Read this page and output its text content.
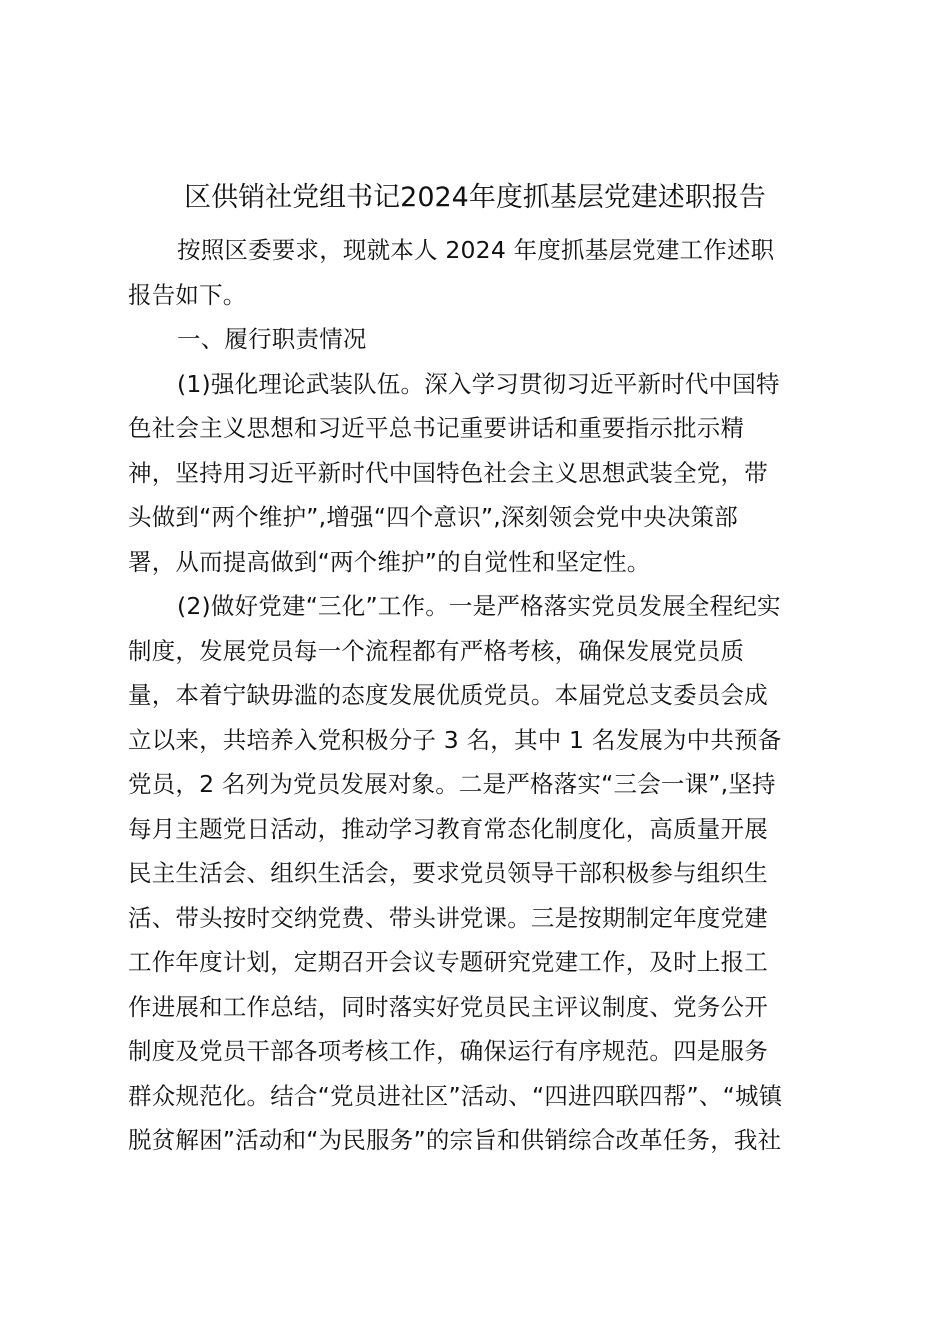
区供销社党组书记2024年度抓基层党建述职报告
按照区委要求，现就本人 2024 年度抓基层党建工作述职
报告如下。
一、履行职责情况
(1)强化理论武装队伍。深入学习贯彻习近平新时代中国特
色社会主义思想和习近平总书记重要讲话和重要指示批示精
神，坚持用习近平新时代中国特色社会主义思想武装全党，带
头做到“两个维护”,增强“四个意识”,深刻领会党中央决策部
署，从而提高做到“两个维护”的自觉性和坚定性。
(2)做好党建“三化”工作。一是严格落实党员发展全程纪实
制度，发展党员每一个流程都有严格考核，确保发展党员质
量，本着宁缺毋滥的态度发展优质党员。本届党总支委员会成
立以来，共培养入党积极分子 3 名，其中 1 名发展为中共预备
党员，2 名列为党员发展对象。二是严格落实“三会一课”,坚持
每月主题党日活动，推动学习教育常态化制度化，高质量开展
民主生活会、组织生活会，要求党员领导干部积极参与组织生
活、带头按时交纳党费、带头讲党课。三是按期制定年度党建
工作年度计划，定期召开会议专题研究党建工作，及时上报工
作进展和工作总结，同时落实好党员民主评议制度、党务公开
制度及党员干部各项考核工作，确保运行有序规范。四是服务
群众规范化。结合“党员进社区”活动、“四进四联四帮”、“城镇
脱贫解困”活动和“为民服务”的宗旨和供销综合改革任务，我社
